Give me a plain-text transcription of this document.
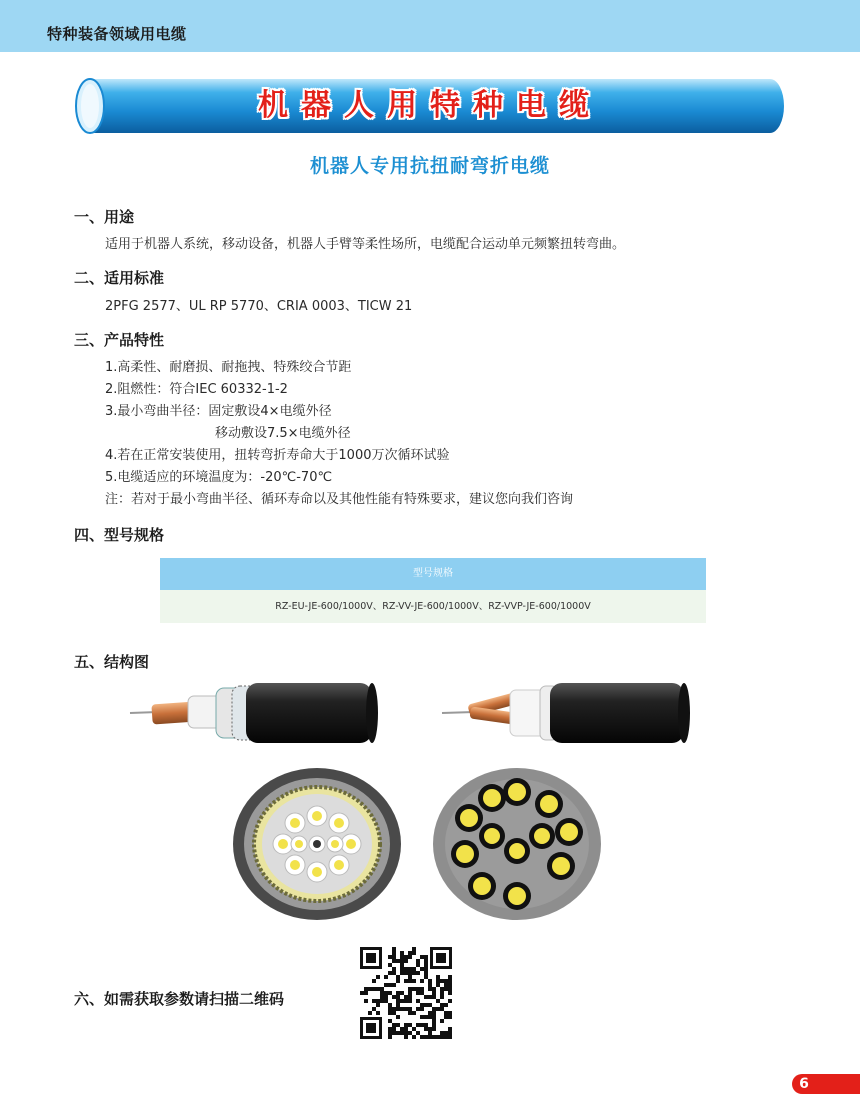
特种装备领域用电缆
机器人用特种电缆
机器人专用抗扭耐弯折电缆
一、用途
适用于机器人系统，移动设备，机器人手臂等柔性场所，电缆配合运动单元频繁扭转弯曲。
二、适用标准
2PFG 2577、UL RP 5770、CRIA 0003、TICW 21
三、产品特性
1.高柔性、耐磨损、耐拖拽、特殊绞合节距
2.阻燃性：符合IEC 60332-1-2
3.最小弯曲半径：固定敷设4×电缆外径
移动敷设7.5×电缆外径
4.若在正常安装使用，扭转弯折寿命大于1000万次循环试验
5.电缆适应的环境温度为：-20℃-70℃
注：若对于最小弯曲半径、循环寿命以及其他性能有特殊要求，建议您向我们咨询
四、型号规格
型号规格
RZ-EU-JE-600/1000V、RZ-VV-JE-600/1000V、RZ-VVP-JE-600/1000V
五、结构图
六、如需获取参数请扫描二维码
6
